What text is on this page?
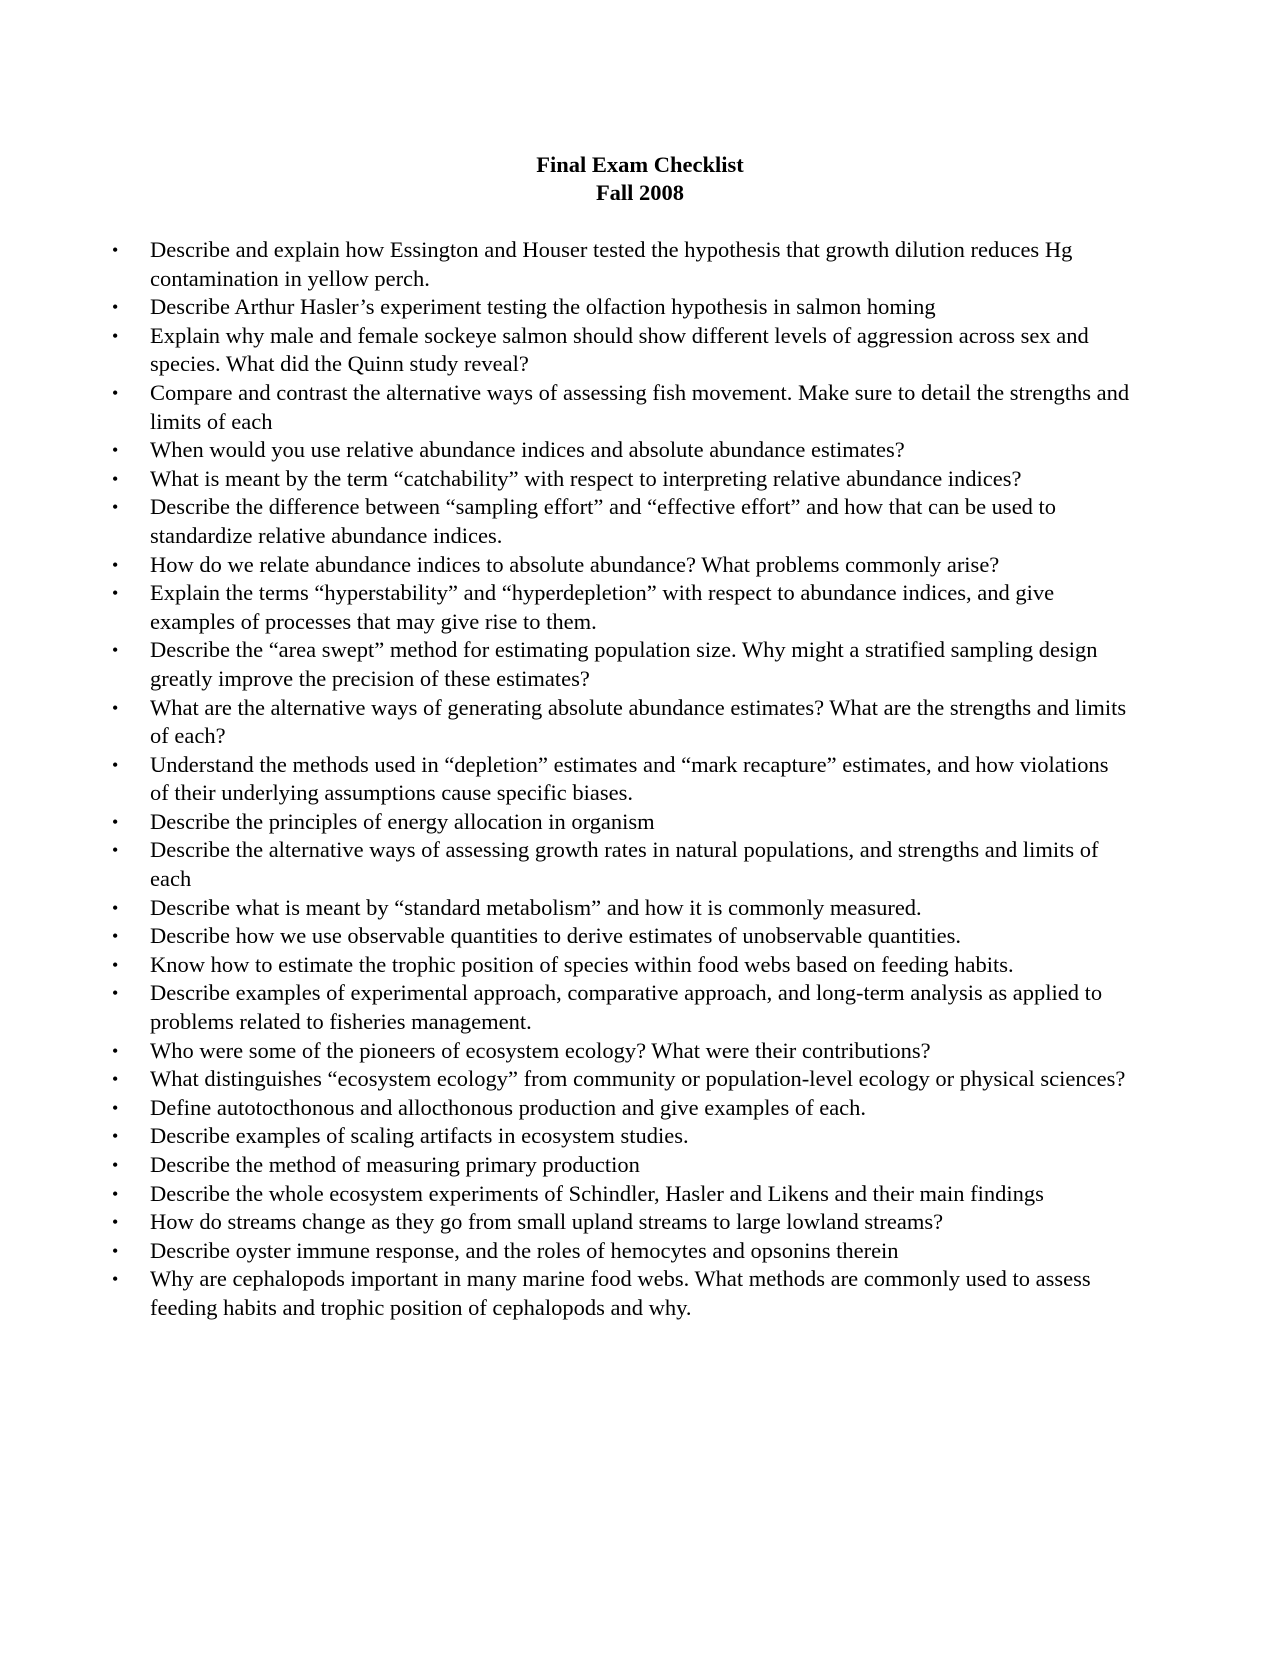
Final Exam Checklist
Fall 2008
•	Describe and explain how Essington and Houser tested the hypothesis that growth dilution reduces Hg contamination in yellow perch.
•	Describe Arthur Hasler’s experiment testing the olfaction hypothesis in salmon homing
•	Explain why male and female sockeye salmon should show different levels of aggression across sex and species. What did the Quinn study reveal?
•	Compare and contrast the alternative ways of assessing fish movement. Make sure to detail the strengths and limits of each
•	When would you use relative abundance indices and absolute abundance estimates?
•	What is meant by the term “catchability” with respect to interpreting relative abundance indices?
•	Describe the difference between “sampling effort” and “effective effort” and how that can be used to standardize relative abundance indices.
•	How do we relate abundance indices to absolute abundance? What problems commonly arise?
•	Explain the terms “hyperstability” and “hyperdepletion” with respect to abundance indices, and give examples of processes that may give rise to them.
•	Describe the “area swept” method for estimating population size. Why might a stratified sampling design greatly improve the precision of these estimates?
•	What are the alternative ways of generating absolute abundance estimates? What are the strengths and limits of each?
•	Understand the methods used in “depletion” estimates and “mark recapture” estimates, and how violations of their underlying assumptions cause specific biases.
•	Describe the principles of energy allocation in organism
•	Describe the alternative ways of assessing growth rates in natural populations, and strengths and limits of each
•	Describe what is meant by “standard metabolism” and how it is commonly measured.
•	Describe how we use observable quantities to derive estimates of unobservable quantities.
•	Know how to estimate the trophic position of species within food webs based on feeding habits.
•	Describe examples of experimental approach, comparative approach, and long-term analysis as applied to problems related to fisheries management.
•	Who were some of the pioneers of ecosystem ecology? What were their contributions?
•	What distinguishes “ecosystem ecology” from community or population-level ecology or physical sciences?
•	Define autotocthonous and allocthonous production and give examples of each.
•	Describe examples of scaling artifacts in ecosystem studies.
•	Describe the method of measuring primary production
•	Describe the whole ecosystem experiments of Schindler, Hasler and Likens and their main findings
•	How do streams change as they go from small upland streams to large lowland streams?
•	Describe oyster immune response, and the roles of hemocytes and opsonins therein
•	Why are cephalopods important in many marine food webs. What methods are commonly used to assess feeding habits and trophic position of cephalopods and why.
